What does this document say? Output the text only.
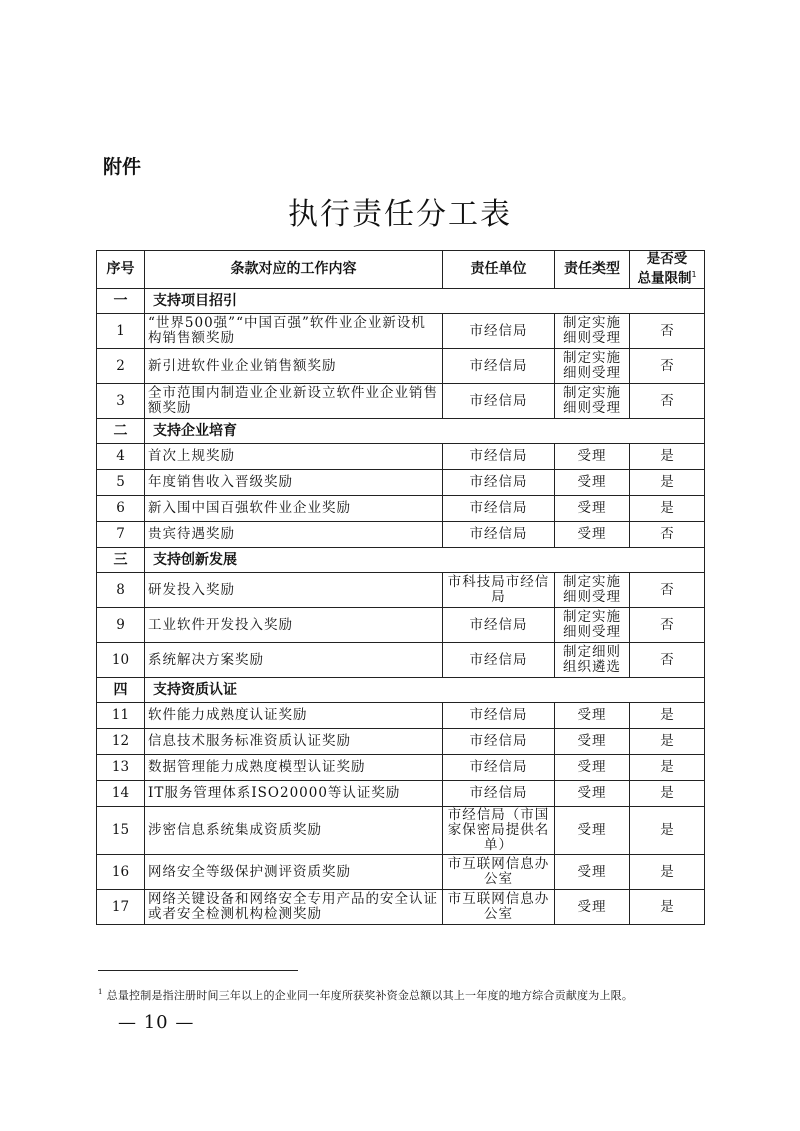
附件
执行责任分工表
序号	条款对应的工作内容	责任单位	责任类型	是否受
总量限制$^1$
一	支持项目招引			
1	“世界500强”“中国百强”软件业企业新设机构销售额奖励	市经信局	制定实施细则受理	否
2	新引进软件业企业销售额奖励	市经信局	制定实施细则受理	否
3	全市范围内制造业企业新设立软件业企业销售额奖励	市经信局	制定实施细则受理	否
二	支持企业培育			
4	首次上规奖励	市经信局	受理	是
5	年度销售收入晋级奖励	市经信局	受理	是
6	新入围中国百强软件业企业奖励	市经信局	受理	是
7	贵宾待遇奖励	市经信局	受理	否
三	支持创新发展			
8	研发投入奖励	市科技局市经信局	制定实施细则受理	否
9	工业软件开发投入奖励	市经信局	制定实施细则受理	否
10	系统解决方案奖励	市经信局	制定细则组织遴选	否
四	支持资质认证			
11	软件能力成熟度认证奖励	市经信局	受理	是
12	信息技术服务标准资质认证奖励	市经信局	受理	是
13	数据管理能力成熟度模型认证奖励	市经信局	受理	是
14	IT服务管理体系ISO20000等认证奖励	市经信局	受理	是
15	涉密信息系统集成资质奖励	市经信局（市国家保密局提供名单）	受理	是
16	网络安全等级保护测评资质奖励	市互联网信息办公室	受理	是
17	网络关键设备和网络安全专用产品的安全认证或者安全检测机构检测奖励	市互联网信息办公室	受理	是
$^1$ 总量控制是指注册时间三年以上的企业同一年度所获奖补资金总额以其上一年度的地方综合贡献度为上限。
— 10 —
